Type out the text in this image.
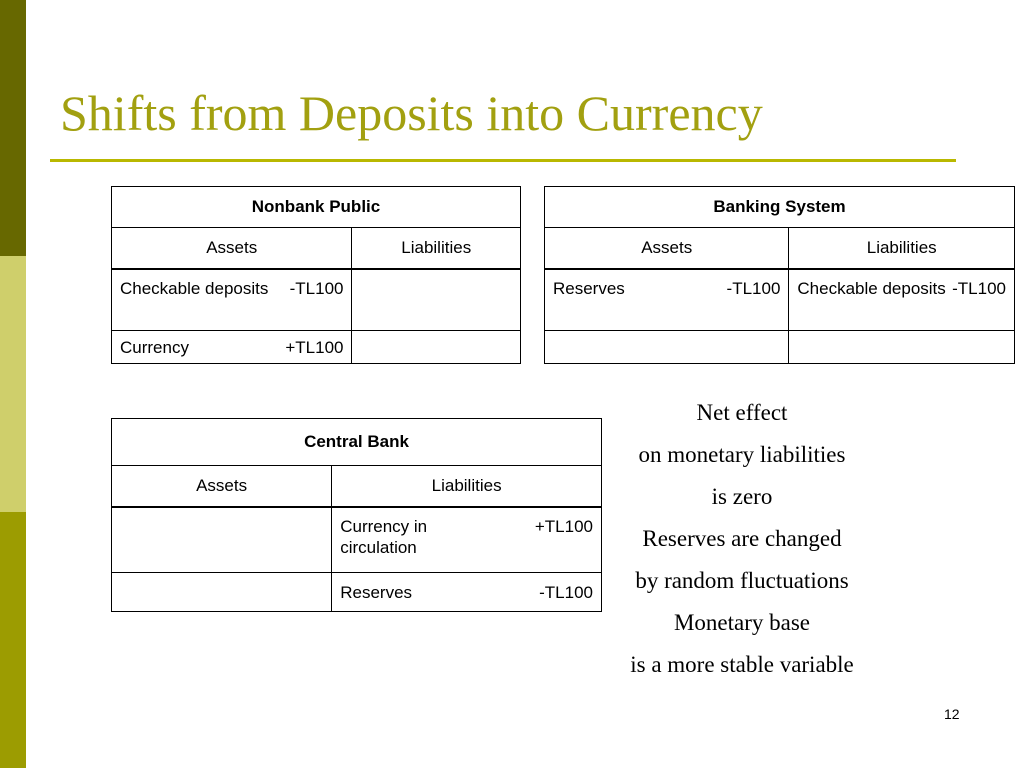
Shifts from Deposits into Currency
Nonbank Public	
Assets	Liabilities

Checkable deposits -TL100	

Currency +TL100	

Banking System	
Assets	Liabilities

Reserves -TL100	Checkable deposits -TL100

Central Bank	
Assets	Liabilities

	Currency in circulation
+TL100

	Reserves -TL100
Net effect
on monetary liabilities
is zero
Reserves are changed
by random fluctuations
Monetary base
is a more stable variable
12
